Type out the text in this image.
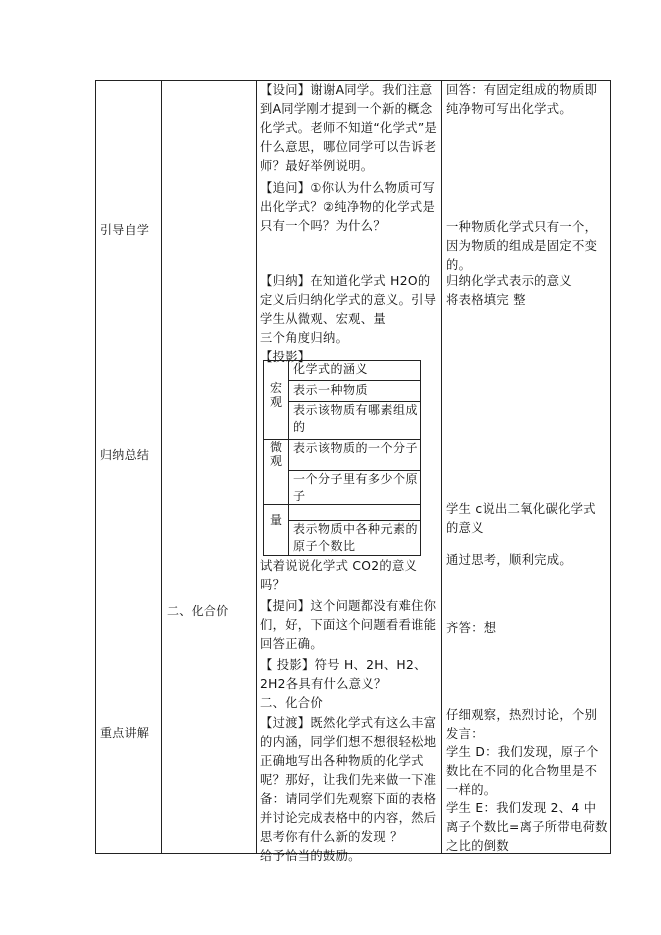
引导自学
归纳总结
重点讲解
二、化合价

【设问】谢谢A同学。我们注意到A同学刚才提到一个新的概念 化学式。老师不知道“化学式”是什么意思，哪位同学可以告诉老师？最好举例说明。

【追问】①你认为什么物质可写出化学式？②纯净物的化学式是只有一个吗？为什么？

【归纳】在知道化学式 H2O的定义后归纳化学式的意义。引导学生从微观、宏观、量

三个角度归纳。

【投影】

化学式的涵义
宏观
表示一种物质
表示该物质有哪素组成的
微观
表示该物质的一个分子
一个分子里有多少个原子
量
表示物质中各种元素的原子个数比

试着说说化学式 CO2的意义吗？

【提问】这个问题都没有难住你们，好，下面这个问题看看谁能回答正确。

【 投影】符号 H、2H、H2、2H2各具有什么意义？

二、化合价

【过渡】既然化学式有这么丰富的内涵，同学们想不想很轻松地正确地写出各种物质的化学式呢？那好，让我们先来做一下准备：请同学们先观察下面的表格并讨论完成表格中的内容，然后思考你有什么新的发现 ？

给予恰当的鼓励。

回答：有固定组成的物质即纯净物可写出化学式。
一种物质化学式只有一个，因为物质的组成是固定不变的。
归纳化学式表示的意义
将表格填完 整
学生 c说出二氧化碳化学式的意义
通过思考，顺利完成。
齐答：想
仔细观察，热烈讨论，个别发言：
学生 D：我们发现，原子个数比在不同的化合物里是不一样的。
学生 E：我们发现 2、4 中离子个数比=离子所带电荷数之比的倒数
